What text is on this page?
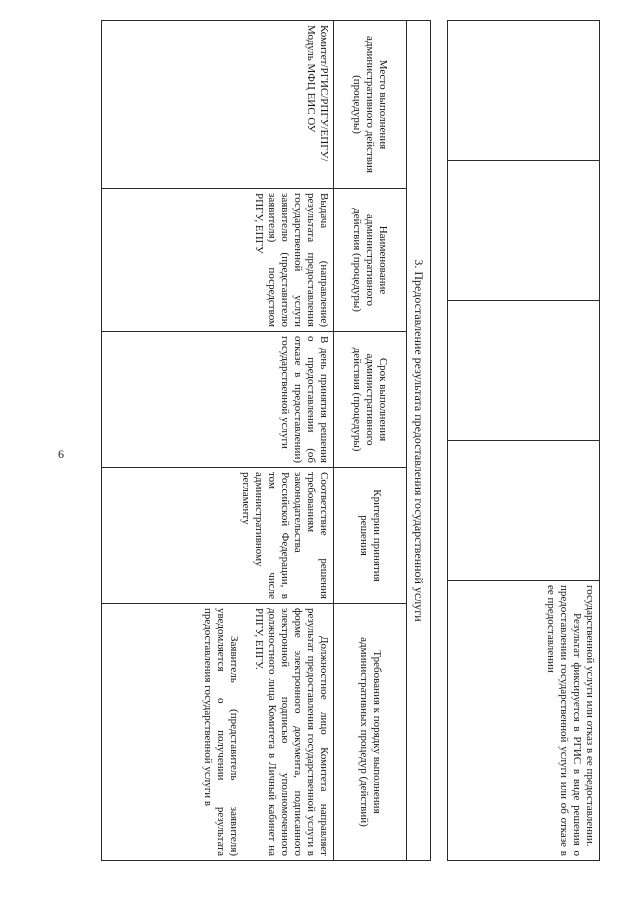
6

государственной услуги или отказ в ее предоставлении.
Результат фиксируется в РГИС в виде решения о предоставлении государственной услуги или об отказе в ее предоставлении
3. Предоставление результата предоставления государственной услуги				

Место выполнения административного действия (процедуры)	Наименование административного действия (процедуры)	Срок выполнения административного действия (процедуры)	Критерии принятия решения	Требования к порядку выполнения административных процедур (действий)

Комитет/РГИС/РПГУ/ЕПГУ/ Модуль МФЦ ЕИС ОУ	Выдача (направление) результата предоставления государственной услуги заявителю (представителю заявителя) посредством РПГУ, ЕПГУ	В день принятия решения о предоставлении (об отказе в предоставлении) государственной услуги	Соответствие решения требованиям законодательства Российской Федерации, в том числе административному регламенту	Должностное лицо Комитета направляет результат предоставления государственной услуги в форме электронного документа, подписанного электронной подписью уполномоченного должностного лица Комитета в Личный кабинет на РПГУ, ЕПГУ.
Заявитель (представитель заявителя) уведомляется о получении результата предоставления государственной услуги в
